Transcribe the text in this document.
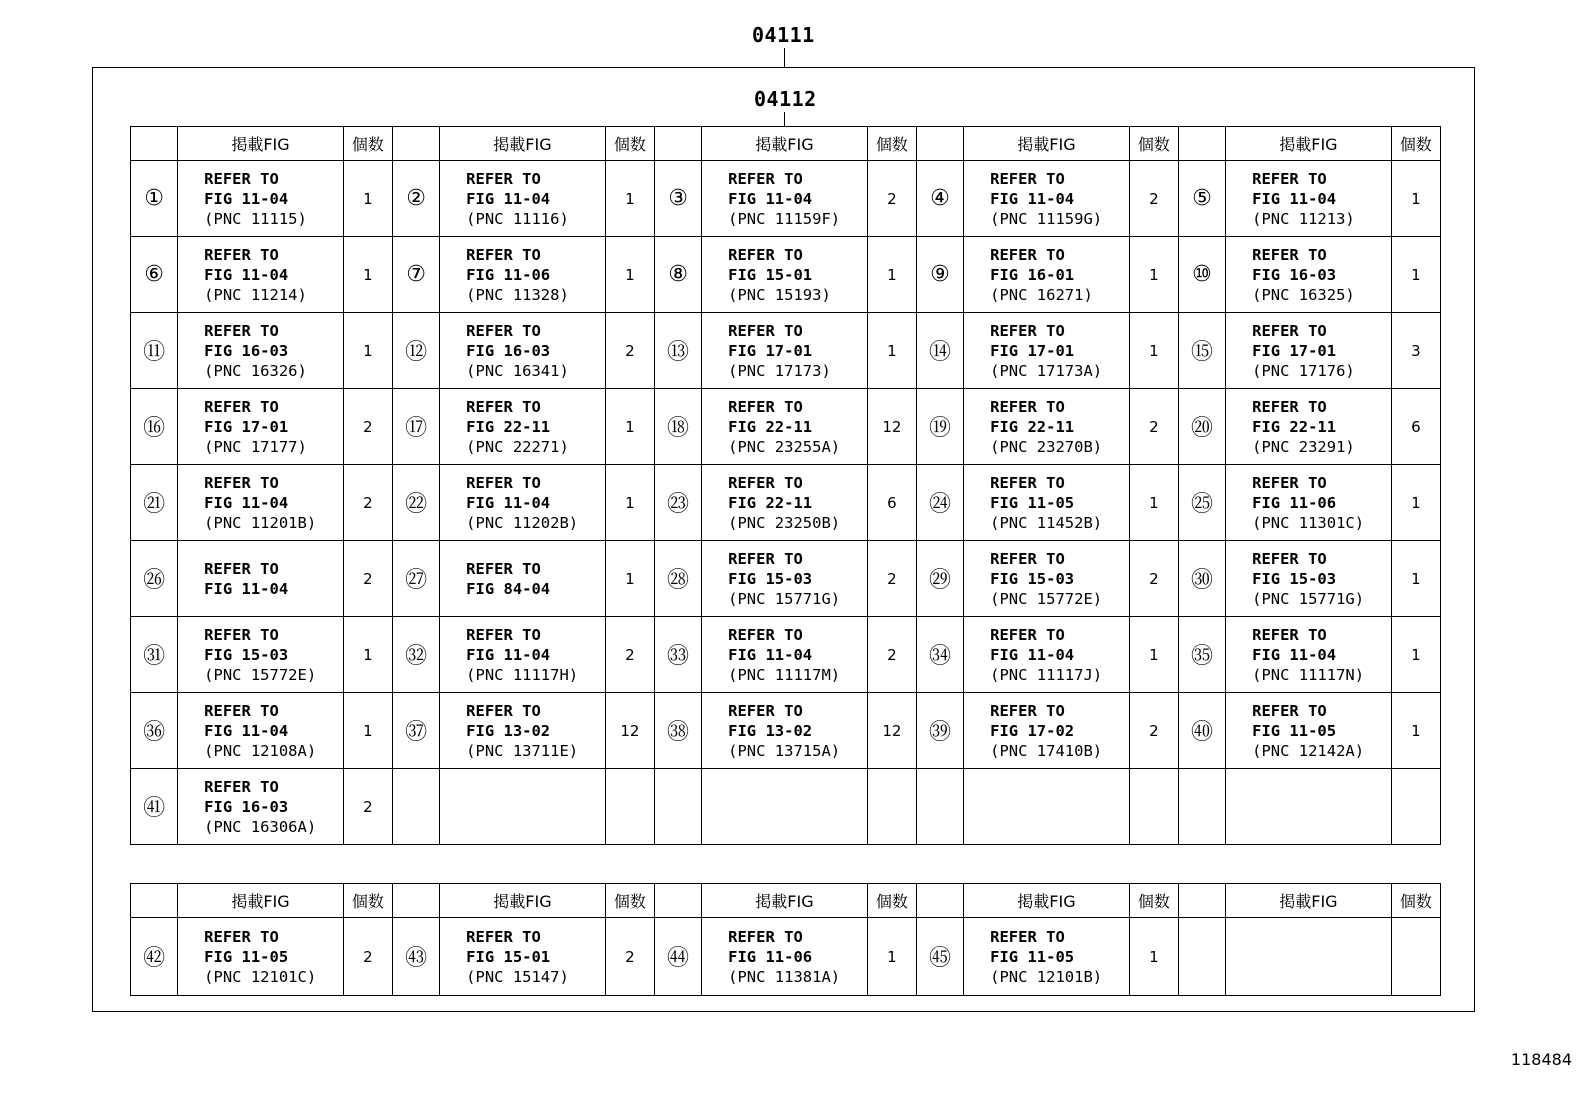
04111
04112
	掲載FIG	個数		掲載FIG	個数		掲載FIG	個数		掲載FIG	個数		掲載FIG	個数
①	REFER TO
FIG 11-04
(PNC 11115)	1	②	REFER TO
FIG 11-04
(PNC 11116)	1	③	REFER TO
FIG 11-04
(PNC 11159F)	2	④	REFER TO
FIG 11-04
(PNC 11159G)	2	⑤	REFER TO
FIG 11-04
(PNC 11213)	1
⑥	REFER TO
FIG 11-04
(PNC 11214)	1	⑦	REFER TO
FIG 11-06
(PNC 11328)	1	⑧	REFER TO
FIG 15-01
(PNC 15193)	1	⑨	REFER TO
FIG 16-01
(PNC 16271)	1	⑩	REFER TO
FIG 16-03
(PNC 16325)	1
⑪	REFER TO
FIG 16-03
(PNC 16326)	1	⑫	REFER TO
FIG 16-03
(PNC 16341)	2	⑬	REFER TO
FIG 17-01
(PNC 17173)	1	⑭	REFER TO
FIG 17-01
(PNC 17173A)	1	⑮	REFER TO
FIG 17-01
(PNC 17176)	3
⑯	REFER TO
FIG 17-01
(PNC 17177)	2	⑰	REFER TO
FIG 22-11
(PNC 22271)	1	⑱	REFER TO
FIG 22-11
(PNC 23255A)	12	⑲	REFER TO
FIG 22-11
(PNC 23270B)	2	⑳	REFER TO
FIG 22-11
(PNC 23291)	6
㉑	REFER TO
FIG 11-04
(PNC 11201B)	2	㉒	REFER TO
FIG 11-04
(PNC 11202B)	1	㉓	REFER TO
FIG 22-11
(PNC 23250B)	6	㉔	REFER TO
FIG 11-05
(PNC 11452B)	1	㉕	REFER TO
FIG 11-06
(PNC 11301C)	1
㉖	REFER TO
FIG 11-04	2	㉗	REFER TO
FIG 84-04	1	㉘	REFER TO
FIG 15-03
(PNC 15771G)	2	㉙	REFER TO
FIG 15-03
(PNC 15772E)	2	㉚	REFER TO
FIG 15-03
(PNC 15771G)	1
㉛	REFER TO
FIG 15-03
(PNC 15772E)	1	㉜	REFER TO
FIG 11-04
(PNC 11117H)	2	㉝	REFER TO
FIG 11-04
(PNC 11117M)	2	㉞	REFER TO
FIG 11-04
(PNC 11117J)	1	㉟	REFER TO
FIG 11-04
(PNC 11117N)	1
㊱	REFER TO
FIG 11-04
(PNC 12108A)	1	㊲	REFER TO
FIG 13-02
(PNC 13711E)	12	㊳	REFER TO
FIG 13-02
(PNC 13715A)	12	㊴	REFER TO
FIG 17-02
(PNC 17410B)	2	㊵	REFER TO
FIG 11-05
(PNC 12142A)	1
㊶	REFER TO
FIG 16-03
(PNC 16306A)	2												
	掲載FIG	個数		掲載FIG	個数		掲載FIG	個数		掲載FIG	個数		掲載FIG	個数
㊷	REFER TO
FIG 11-05
(PNC 12101C)	2	㊸	REFER TO
FIG 15-01
(PNC 15147)	2	㊹	REFER TO
FIG 11-06
(PNC 11381A)	1	㊺	REFER TO
FIG 11-05
(PNC 12101B)	1			
118484
